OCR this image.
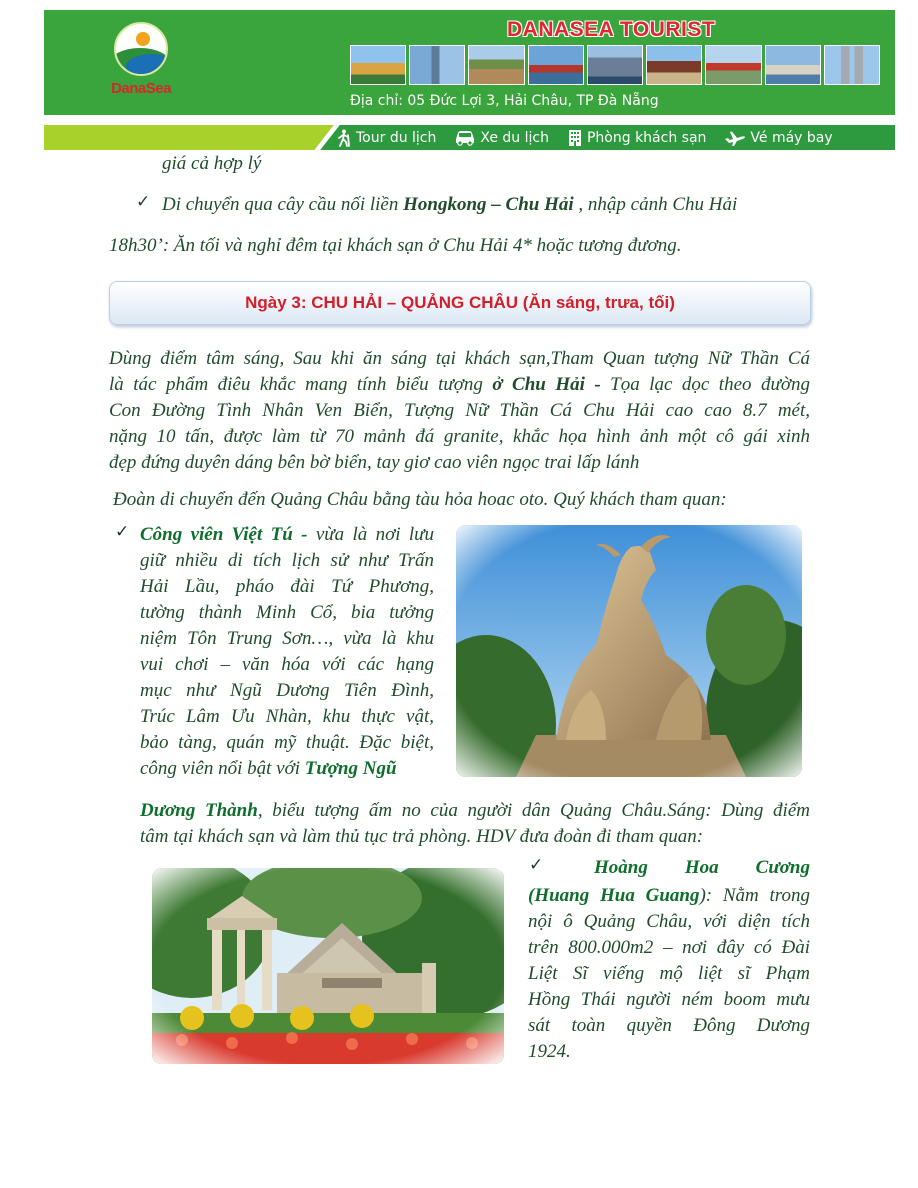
DanaSea
DANASEA TOURIST
Địa chỉ: 05 Đức Lợi 3, Hải Châu, TP Đà Nẵng
Tour du lịch	Xe du lịch	Phòng khách sạn	Vé máy bay
giá cả hợp lý
✓ Di chuyển qua cây cầu nối liền Hongkong – Chu Hải , nhập cảnh Chu Hải
18h30’: Ăn tối và nghỉ đêm tại khách sạn ở Chu Hải 4* hoặc tương đương.
Ngày 3: CHU HẢI – QUẢNG CHÂU (Ăn sáng, trưa, tối)
Dùng điểm tâm sáng, Sau khi ăn sáng tại khách sạn,Tham Quan tượng Nữ Thần Cá
là tác phẩm điêu khắc mang tính biểu tượng ở Chu Hải - Tọa lạc dọc theo đường
Con Đường Tình Nhân Ven Biển, Tượng Nữ Thần Cá Chu Hải cao cao 8.7 mét,
nặng 10 tấn, được làm từ 70 mảnh đá granite, khắc họa hình ảnh một cô gái xinh
đẹp đứng duyên dáng bên bờ biển, tay giơ cao viên ngọc trai lấp lánh
Đoàn di chuyển đến Quảng Châu bằng tàu hỏa hoac oto. Quý khách tham quan:
✓ Công viên Việt Tú - vừa là nơi lưu
giữ nhiều di tích lịch sử như Trấn
Hải Lầu, pháo đài Tứ Phương,
tường thành Minh Cổ, bia tưởng
niệm Tôn Trung Sơn…, vừa là khu
vui chơi – văn hóa với các hạng
mục như Ngũ Dương Tiên Đình,
Trúc Lâm Ưu Nhàn, khu thực vật,
bảo tàng, quán mỹ thuật. Đặc biệt,
công viên nổi bật với Tượng Ngũ
Dương Thành, biểu tượng ấm no của người dân Quảng Châu.Sáng: Dùng điểm
tâm tại khách sạn và làm thủ tục trả phòng. HDV đưa đoàn đi tham quan:
✓	Hoàng Hoa Cương
(Huang Hua Guang): Nằm trong
nội ô Quảng Châu, với diện tích
trên 800.000m2 – nơi đây có Đài
Liệt Sĩ viếng mộ liệt sĩ Phạm
Hồng Thái người ném boom mưu
sát toàn quyền Đông Dương
1924.
